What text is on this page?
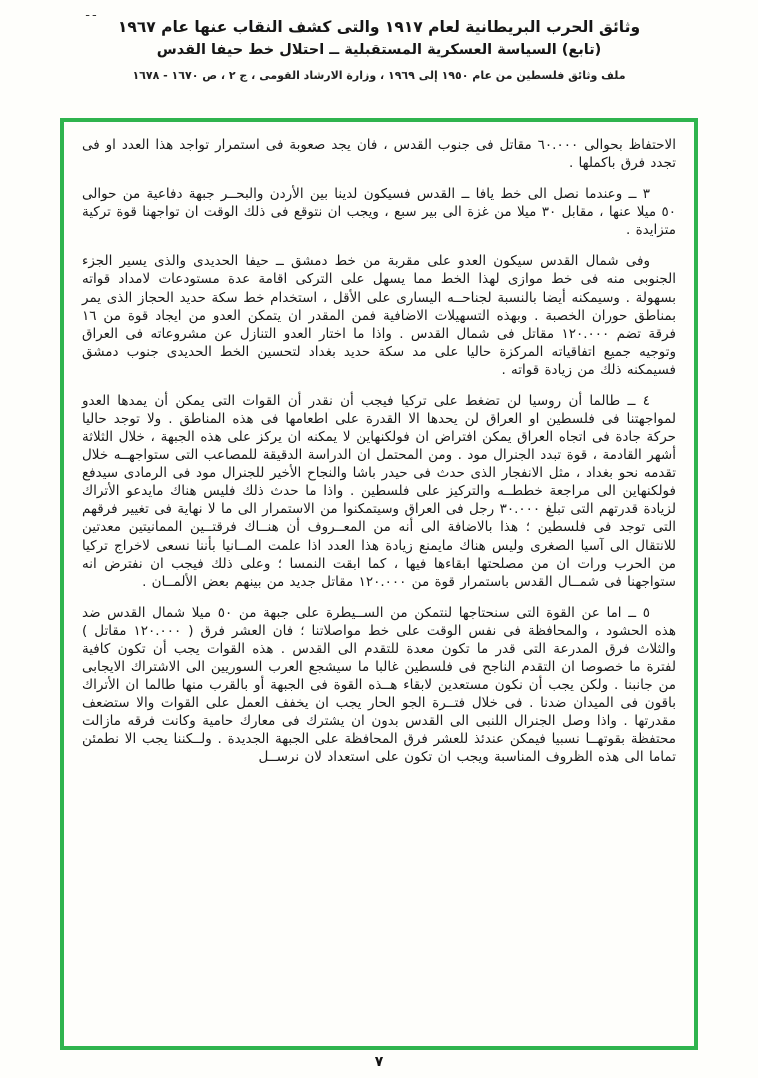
ـ ـ
وثائق الحرب البريطانية لعام ١٩١٧ والتى كشف النقاب عنها عام ١٩٦٧
(تابع) السياسة العسكرية المستقبلية ــ احتلال خط حيفا القدس
ملف وثائق فلسطين من عام ١٩٥٠ إلى ١٩٦٩ ، وزارة الارشاد القومى ، ج ٢ ، ص ١٦٧٠ - ١٦٧٨

الاحتفاظ بحوالى ٦٠.٠٠٠ مقاتل فى جنوب القدس ، فان يجد صعوبة فى استمرار تواجد هذا العدد او فى تجدد فرق باكملها .

٣ ــ وعندما نصل الى خط يافا ــ القدس فسيكون لدينا بين الأردن والبحــر جبهة دفاعية من حوالى ٥٠ ميلا عنها ، مقابل ٣٠ ميلا من غزة الى بير سبع ، ويجب ان نتوقع فى ذلك الوقت ان تواجهنا قوة تركية متزايدة .

وفى شمال القدس سيكون العدو على مقربة من خط دمشق ــ حيفا الحديدى والذى يسير الجزء الجنوبى منه فى خط موازى لهذا الخط مما يسهل على التركى اقامة عدة مستودعات لامداد قواته بسهولة . وسيمكنه أيضا بالنسبة لجناحــه اليسارى على الأقل ، استخدام خط سكة حديد الحجاز الذى يمر بمناطق حوران الخصبة . وبهذه التسهيلات الاضافية فمن المقدر ان يتمكن العدو من ايجاد قوة من ١٦ فرقة تضم ١٢٠.٠٠٠ مقاتل فى شمال القدس . واذا ما اختار العدو التنازل عن مشروعاته فى العراق وتوجيه جميع اتفاقياته المركزة حاليا على مد سكة حديد بغداد لتحسين الخط الحديدى جنوب دمشق فسيمكنه ذلك من زيادة قواته .

٤ ــ طالما أن روسيا لن تضغط على تركيا فيجب أن نقدر أن القوات التى يمكن أن يمدها العدو لمواجهتنا فى فلسطين او العراق لن يحدها الا القدرة على اطعامها فى هذه المناطق . ولا توجد حاليا حركة جادة فى اتجاه العراق يمكن افتراض ان فولكنهاين لا يمكنه ان يركز على هذه الجبهة ، خلال الثلاثة أشهر القادمة ، قوة تبدد الجنرال مود . ومن المحتمل ان الدراسة الدقيقة للمصاعب التى ستواجهــه خلال تقدمه نحو بغداد ، مثل الانفجار الذى حدث فى حيدر باشا والنجاح الأخير للجنرال مود فى الرمادى سيدفع فولكنهاين الى مراجعة خططــه والتركيز على فلسطين . واذا ما حدث ذلك فليس هناك مايدعو الأتراك لزيادة قدرتهم التى تبلغ ٣٠.٠٠٠ رجل فى العراق وسيتمكنوا من الاستمرار الى ما لا نهاية فى تغيير فرقهم التى توجد فى فلسطين ؛ هذا بالاضافة الى أنه من المعــروف أن هنــاك فرقتــين الممانيتين معدتين للانتقال الى آسيا الصغرى وليس هناك مايمنع زيادة هذا العدد اذا علمت المــانيا بأننا نسعى لاخراج تركيا من الحرب ورات ان من مصلحتها ابقاءها فيها ، كما ابقت النمسا ؛ وعلى ذلك فيجب ان نفترض انه ستواجهنا فى شمــال القدس باستمرار قوة من ١٢٠.٠٠٠ مقاتل جديد من بينهم بعض الألمــان .

٥ ــ اما عن القوة التى سنحتاجها لنتمكن من الســيطرة على جبهة من ٥٠ ميلا شمال القدس ضد هذه الحشود ، والمحافظة فى نفس الوقت على خط مواصلاتنا ؛ فان العشر فرق ( ١٢٠.٠٠٠ مقاتل ) والثلاث فرق المدرعة التى قدر ما تكون معدة للتقدم الى القدس . هذه القوات يجب أن تكون كافية لفترة ما خصوصا ان التقدم الناجح فى فلسطين غالبا ما سيشجع العرب السوريين الى الاشتراك الايجابى من جانبنا . ولكن يجب أن نكون مستعدين لابقاء هــذه القوة فى الجبهة أو بالقرب منها طالما ان الأتراك باقون فى الميدان ضدنا . فى خلال فتــرة الجو الحار يجب ان يخفف العمل على القوات والا ستضعف مقدرتها . واذا وصل الجنرال اللنبى الى القدس بدون ان يشترك فى معارك حامية وكانت فرقه مازالت محتفظة بقوتهــا نسبيا فيمكن عندئذ للعشر فرق المحافظة على الجبهة الجديدة . ولــكننا يجب الا نطمئن تماما الى هذه الظروف المناسبة ويجب ان تكون على استعداد لان نرســل

٧
